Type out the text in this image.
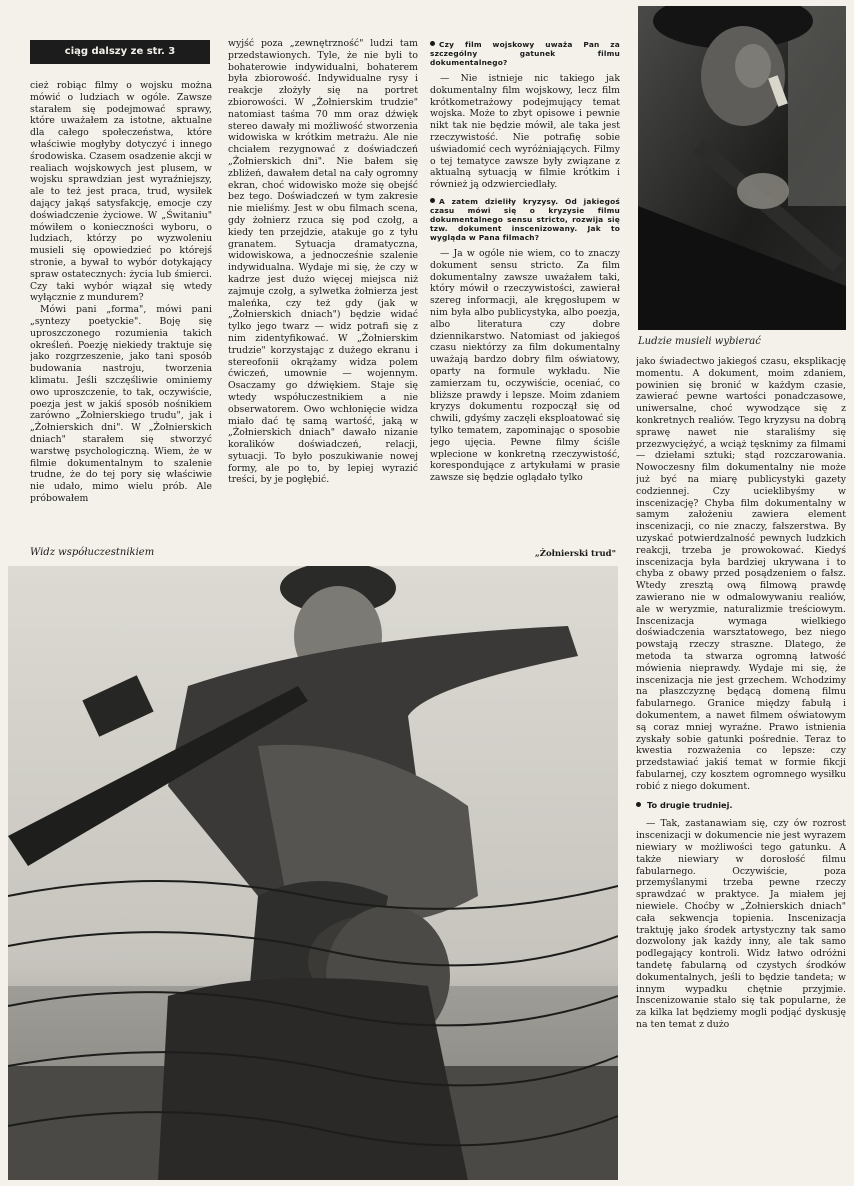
ciąg dalszy ze str. 3

cież robiąc filmy o wojsku można mówić o ludziach w ogóle. Zawsze starałem się podejmować sprawy, które uważałem za istotne, aktualne dla całego społeczeństwa, które właściwie mogłyby dotyczyć i innego środowiska. Czasem osadzenie akcji w realiach wojskowych jest plusem, w wojsku sprawdzian jest wyraźniejszy, ale to też jest praca, trud, wysiłek dający jakąś satysfakcję, emocje czy doświadczenie życiowe. W „Świtaniu" mówiłem o konieczności wyboru, o ludziach, którzy po wyzwoleniu musieli się opowiedzieć po którejś stronie, a bywał to wybór dotykający spraw ostatecznych: życia lub śmierci. Czy taki wybór wiązał się wtedy wyłącznie z mundurem?

Mówi pani „forma", mówi pani „syntezy poetyckie". Boję się uproszczonego rozumienia takich określeń. Poezję niekiedy traktuje się jako rozgrzeszenie, jako tani sposób budowania nastroju, tworzenia klimatu. Jeśli szczęśliwie ominiemy owo uproszczenie, to tak, oczywiście, poezja jest w jakiś sposób nośnikiem zarówno „Żołnierskiego trudu", jak i „Żołnierskich dni". W „Żołnierskich dniach" starałem się stworzyć warstwę psychologiczną. Wiem, że w filmie dokumentalnym to szalenie trudne, że do tej pory się właściwie nie udało, mimo wielu prób. Ale próbowałem

wyjść poza „zewnętrzność" ludzi tam przedstawionych. Tyle, że nie byli to bohaterowie indywidualni, bohaterem była zbiorowość. Indywidualne rysy i reakcje złożyły się na portret zbiorowości. W „Żołnierskim trudzie" natomiast taśma 70 mm oraz dźwięk stereo dawały mi możliwość stworzenia widowiska w krótkim metrażu. Ale nie chciałem rezygnować z doświadczeń „Żołnierskich dni". Nie bałem się zbliżeń, dawałem detal na cały ogromny ekran, choć widowisko może się obejść bez tego. Doświadczeń w tym zakresie nie mieliśmy. Jest w obu filmach scena, gdy żołnierz rzuca się pod czołg, a kiedy ten przejdzie, atakuje go z tyłu granatem. Sytuacja dramatyczna, widowiskowa, a jednocześnie szalenie indywidualna. Wydaje mi się, że czy w kadrze jest dużo więcej miejsca niż zajmuje czołg, a sylwetka żołnierza jest maleńka, czy też gdy (jak w „Żołnierskich dniach") będzie widać tylko jego twarz — widz potrafi się z nim zidentyfikować. W „Żołnierskim trudzie" korzystając z dużego ekranu i stereofonii okrążamy widza polem ćwiczeń, umownie — wojennym. Osaczamy go dźwiękiem. Staje się wtedy współuczestnikiem a nie obserwatorem. Owo wchłonięcie widza miało dać tę samą wartość, jaką w „Żołnierskich dniach" dawało nizanie koralików doświadczeń, relacji, sytuacji. To było poszukiwanie nowej formy, ale po to, by lepiej wyrazić treści, by je pogłębić.

Czy film wojskowy uważa Pan za szczególny gatunek filmu dokumentalnego?

— Nie istnieje nic takiego jak dokumentalny film wojskowy, lecz film krótkometrażowy podejmujący temat wojska. Może to zbyt opisowe i pewnie nikt tak nie będzie mówił, ale taka jest rzeczywistość. Nie potrafię sobie uświadomić cech wyróżniających. Filmy o tej tematyce zawsze były związane z aktualną sytuacją w filmie krótkim i również ją odzwierciedlały.

A zatem dzieliły kryzysy. Od jakiegoś czasu mówi się o kryzysie filmu dokumentalnego sensu stricto, rozwija się tzw. dokument inscenizowany. Jak to wygląda w Pana filmach?

— Ja w ogóle nie wiem, co to znaczy dokument sensu stricto. Za film dokumentalny zawsze uważałem taki, który mówił o rzeczywistości, zawierał szereg informacji, ale kręgosłupem w nim była albo publicystyka, albo poezja, albo literatura czy dobre dziennikarstwo. Natomiast od jakiegoś czasu niektórzy za film dokumentalny uważają bardzo dobry film oświatowy, oparty na formule wykładu. Nie zamierzam tu, oczywiście, oceniać, co bliższe prawdy i lepsze. Moim zdaniem kryzys dokumentu rozpoczął się od chwili, gdyśmy zaczęli eksploatować się tylko tematem, zapominając o sposobie jego ujęcia. Pewne filmy ściśle wplecione w konkretną rzeczywistość, korespondujące z artykułami w prasie zawsze się będzie oglądało tylko

Ludzie musieli wybierać

jako świadectwo jakiegoś czasu, eksplikację momentu. A dokument, moim zdaniem, powinien się bronić w każdym czasie, zawierać pewne wartości ponadczasowe, uniwersalne, choć wywodzące się z konkretnych realiów. Tego kryzysu na dobrą sprawę nawet nie staraliśmy się przezwyciężyć, a wciąż tęsknimy za filmami — dziełami sztuki; stąd rozczarowania. Nowoczesny film dokumentalny nie może już być na miarę publicystyki gazety codziennej. Czy ucieklibyśmy w inscenizację? Chyba film dokumentalny w samym założeniu zawiera element inscenizacji, co nie znaczy, fałszerstwa. By uzyskać potwierdzalność pewnych ludzkich reakcji, trzeba je prowokować. Kiedyś inscenizacja była bardziej ukrywana i to chyba z obawy przed posądzeniem o fałsz. Wtedy zresztą ową filmową prawdę zawierano nie w odmalowywaniu realiów, ale w weryzmie, naturalizmie treściowym. Inscenizacja wymaga wielkiego doświadczenia warsztatowego, bez niego powstają rzeczy straszne. Dlatego, że metoda ta stwarza ogromną łatwość mówienia nieprawdy. Wydaje mi się, że inscenizacja nie jest grzechem. Wchodzimy na płaszczyznę będącą domeną filmu fabularnego. Granice między fabułą i dokumentem, a nawet filmem oświatowym są coraz mniej wyraźne. Prawo istnienia zyskały sobie gatunki pośrednie. Teraz to kwestia rozważenia co lepsze: czy przedstawiać jakiś temat w formie fikcji fabularnej, czy kosztem ogromnego wysiłku robić z niego dokument.

To drugie trudniej.

— Tak, zastanawiam się, czy ów rozrost inscenizacji w dokumencie nie jest wyrazem niewiary w możliwości tego gatunku. A także niewiary w dorosłość filmu fabularnego. Oczywiście, poza przemyślanymi trzeba pewne rzeczy sprawdzać w praktyce. Ja miałem jej niewiele. Choćby w „Żołnierskich dniach" cała sekwencja topienia. Inscenizacja traktuję jako środek artystyczny tak samo dozwolony jak każdy inny, ale tak samo podlegający kontroli. Widz łatwo odróżni tandetę fabularną od czystych środków dokumentalnych, jeśli to będzie tandeta; w innym wypadku chętnie przyjmie. Inscenizowanie stało się tak popularne, że za kilka lat będziemy mogli podjąć dyskusję na ten temat z dużo

Widz współuczestnikiem	„Żołnierski trud"
